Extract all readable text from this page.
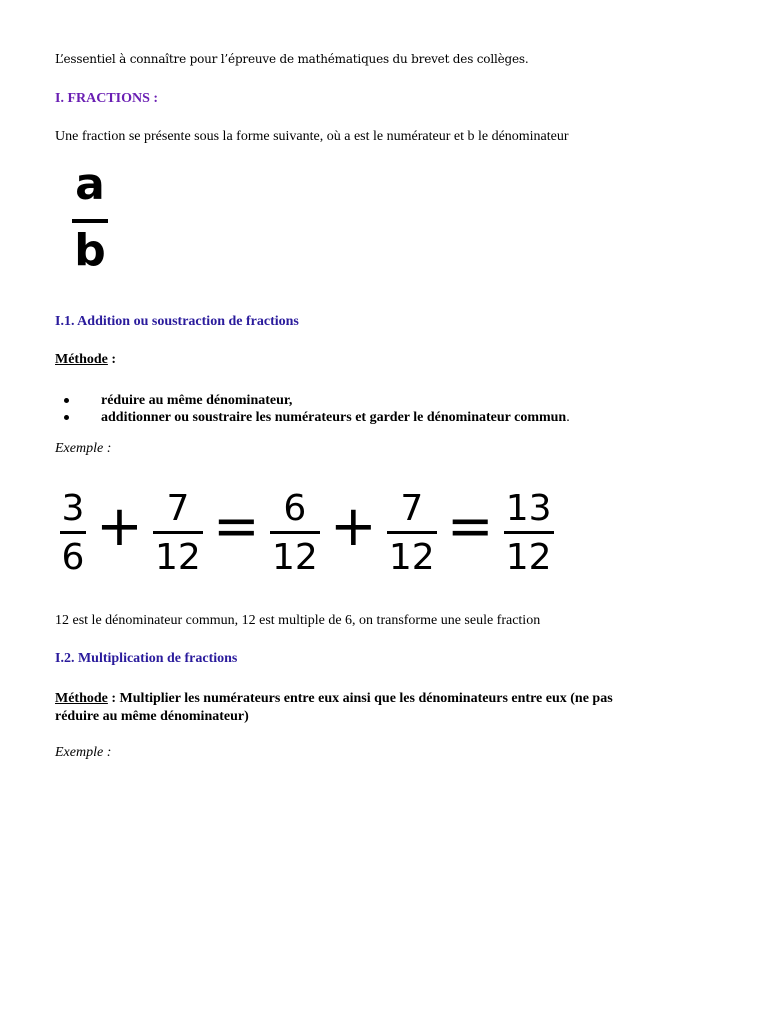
L’essentiel à connaître pour l’épreuve de mathématiques du brevet des collèges.
I. FRACTIONS :
Une fraction se présente sous la forme suivante, où a est le numérateur et b le dénominateur
a
b
I.1. Addition ou soustraction de fractions
Méthode :
réduire au même dénominateur,
additionner ou soustraire les numérateurs et garder le dénominateur commun.
Exemple :
$\frac{3}{6} + \frac{7}{12} = \frac{6}{12} + \frac{7}{12} = \frac{13}{12}$
12 est le dénominateur commun, 12 est multiple de 6, on transforme une seule fraction
I.2. Multiplication de fractions
Méthode : Multiplier les numérateurs entre eux ainsi que les dénominateurs entre eux (ne pas
réduire au même dénominateur)
Exemple :
